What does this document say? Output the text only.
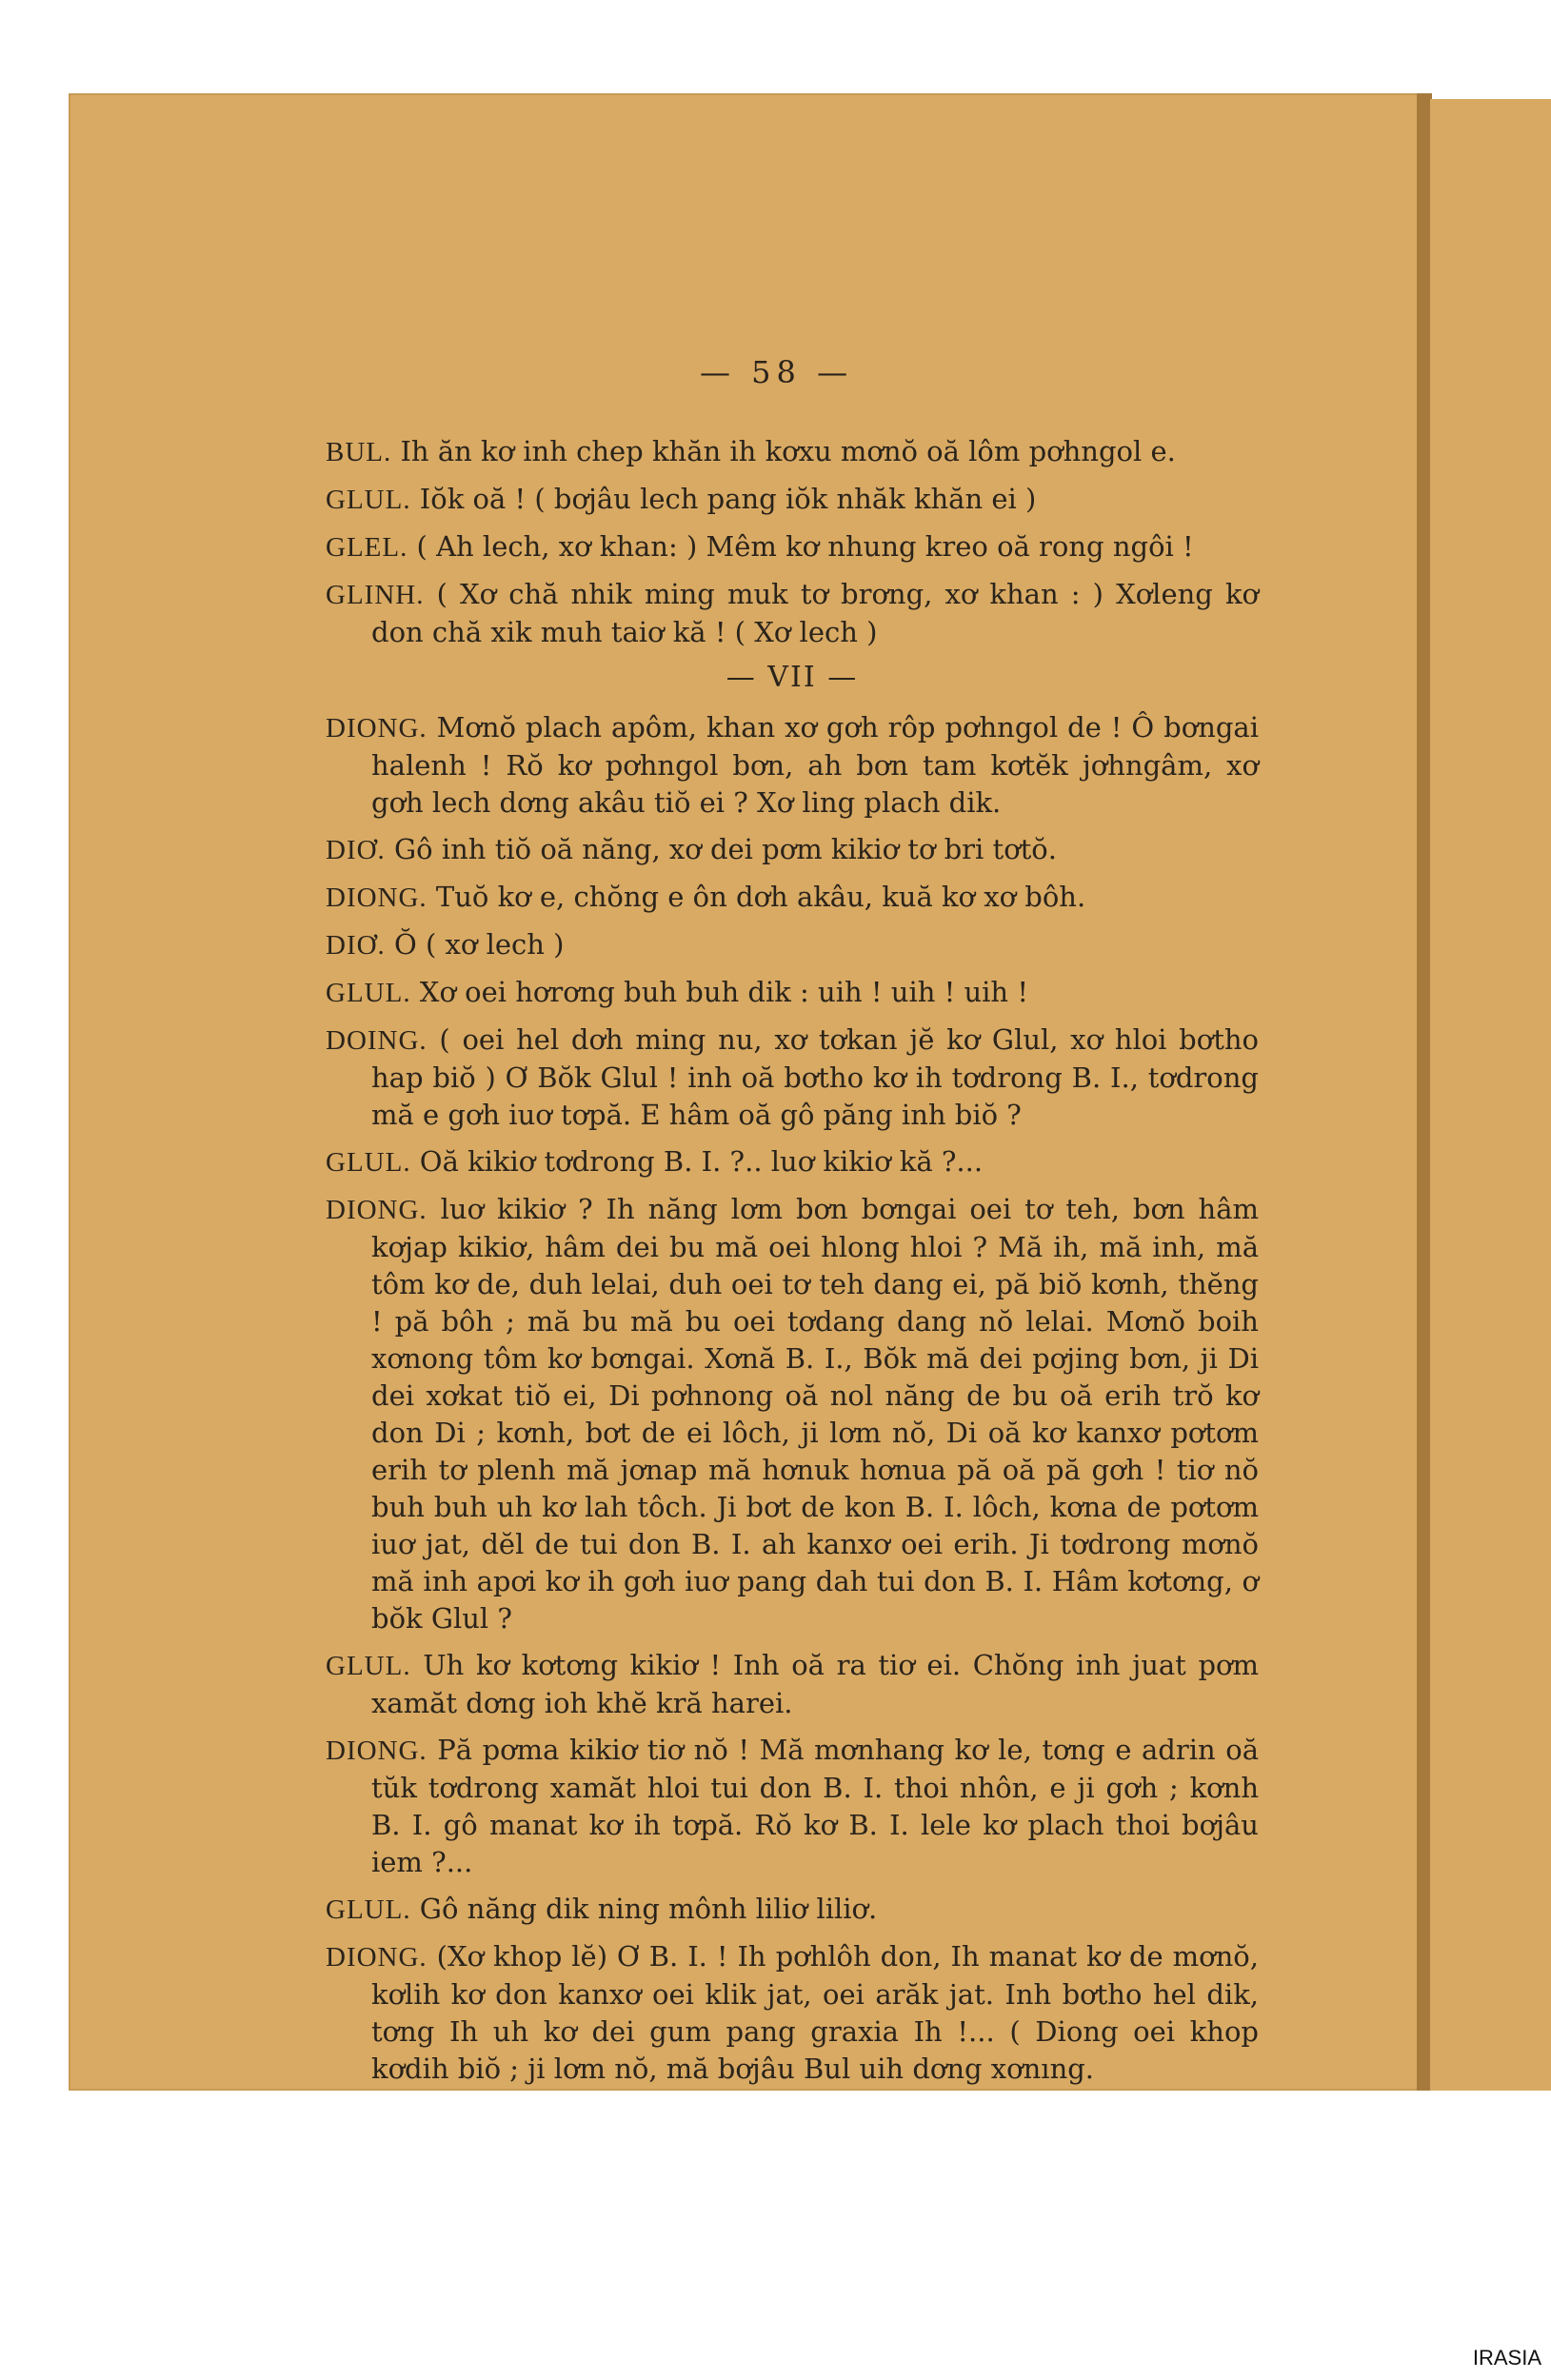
— 58 —

BUL. Ih ăn kơ inh chep khăn ih kơxu mơnŏ oă lôm pơhngol e.

GLUL. Iŏk oă ! ( bơjâu lech pang iŏk nhăk khăn ei )

GLEL. ( Ah lech, xơ khan: ) Mêm kơ nhung kreo oă rong ngôi !

GLINH. ( Xơ chă nhik ming muk tơ brơng, xơ khan : ) Xơleng kơ don chă xik muh taiơ kă ! ( Xơ lech )

— VII —

DIONG. Mơnŏ plach apôm, khan xơ gơh rôp pơhngol de ! Ô bơngai halenh ! Rŏ kơ pơhngol bơn, ah bơn tam kơtĕk jơhngâm, xơ gơh lech dơng akâu tiŏ ei ? Xơ ling plach dik.

DIƠ. Gô inh tiŏ oă năng, xơ dei pơm kikiơ tơ bri tơtŏ.

DIONG. Tuŏ kơ e, chŏng e ôn dơh akâu, kuă kơ xơ bôh.

DIƠ. Ŏ ( xơ lech )

GLUL. Xơ oei hơrơng buh buh dik : uih ! uih ! uih !

DOING. ( oei hel dơh ming nu, xơ tơkan jĕ kơ Glul, xơ hloi bơtho hap biŏ ) Ơ Bŏk Glul ! inh oă bơtho kơ ih tơdrong B. I., tơdrong mă e gơh iuơ tơpă. E hâm oă gô păng inh biŏ ?

GLUL. Oă kikiơ tơdrong B. I. ?.. luơ kikiơ kă ?...

DIONG. luơ kikiơ ? Ih năng lơm bơn bơngai oei tơ teh, bơn hâm kơjap kikiơ, hâm dei bu mă oei hlong hloi ? Mă ih, mă inh, mă tôm kơ de, duh lelai, duh oei tơ teh dang ei, pă biŏ kơnh, thĕng ! pă bôh ; mă bu mă bu oei tơdang dang nŏ lelai. Mơnŏ boih xơnong tôm kơ bơngai. Xơnă B. I., Bŏk mă dei pơjing bơn, ji Di dei xơkat tiŏ ei, Di pơhnong oă nol năng de bu oă erih trŏ kơ don Di ; kơnh, bơt de ei lôch, ji lơm nŏ, Di oă kơ kanxơ pơtơm erih tơ plenh mă jơnap mă hơnuk hơnua pă oă pă gơh ! tiơ nŏ buh buh uh kơ lah tôch. Ji bơt de kon B. I. lôch, kơna de pơtơm iuơ jat, dĕl de tui don B. I. ah kanxơ oei erih. Ji tơdrong mơnŏ mă inh apơi kơ ih gơh iuơ pang dah tui don B. I. Hâm kơtơng, ơ bŏk Glul ?

GLUL. Uh kơ kơtơng kikiơ ! Inh oă ra tiơ ei. Chŏng inh juat pơm xamăt dơng ioh khĕ kră harei.

DIONG. Pă pơma kikiơ tiơ nŏ ! Mă mơnhang kơ le, tơng e adrin oă tŭk tơdrong xamăt hloi tui don B. I. thoi nhôn, e ji gơh ; kơnh B. I. gô manat kơ ih tơpă. Rŏ kơ B. I. lele kơ plach thoi bơjâu iem ?...

GLUL. Gô năng dik ning mônh liliơ liliơ.

DIONG. (Xơ khop lĕ) Ơ B. I. ! Ih pơhlôh don, Ih manat kơ de mơnŏ, kơlih kơ don kanxơ oei klik jat, oei arăk jat. Inh bơtho hel dik, tơng Ih uh kơ dei gum pang graxia Ih !... ( Diong oei khop kơdih biŏ ; ji lơm nŏ, mă bơjâu Bul uih dơng xơnıng.

IRASIA
